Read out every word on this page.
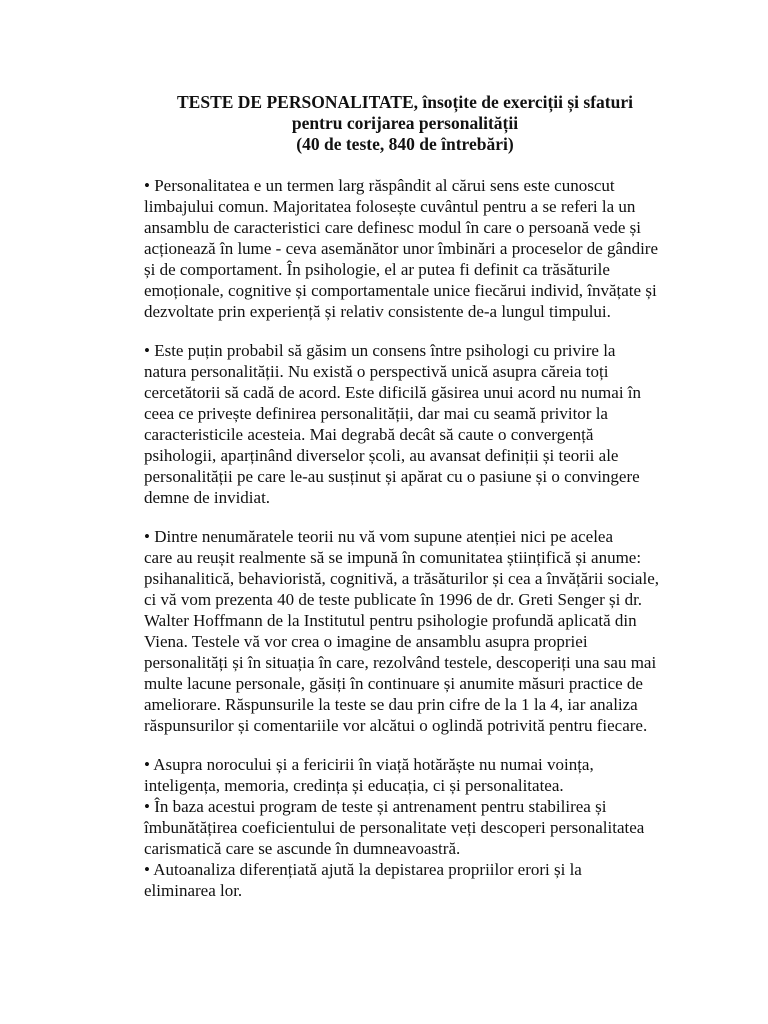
TESTE DE PERSONALITATE, însoțite de exerciții și sfaturi
pentru corijarea personalității
(40 de teste, 840 de întrebări)

• Personalitatea e un termen larg răspândit al cărui sens este cunoscut
limbajului comun. Majoritatea folosește cuvântul pentru a se referi la un
ansamblu de caracteristici care definesc modul în care o persoană vede și
acționează în lume - ceva asemănător unor îmbinări a proceselor de gândire
și de comportament. În psihologie, el ar putea fi definit ca trăsăturile
emoționale, cognitive și comportamentale unice fiecărui individ, învățate și
dezvoltate prin experiență și relativ consistente de-a lungul timpului.

• Este puțin probabil să găsim un consens între psihologi cu privire la
natura personalității. Nu există o perspectivă unică asupra căreia toți
cercetătorii să cadă de acord. Este dificilă găsirea unui acord nu numai în
ceea ce privește definirea personalității, dar mai cu seamă privitor la
caracteristicile acesteia. Mai degrabă decât să caute o convergență
psihologii, aparținând diverselor școli, au avansat definiții și teorii ale
personalității pe care le-au susținut și apărat cu o pasiune și o convingere
demne de invidiat.

• Dintre nenumăratele teorii nu vă vom supune atenției nici pe acelea
care au reușit realmente să se impună în comunitatea științifică și anume:
psihanalitică, behavioristă, cognitivă, a trăsăturilor și cea a învățării sociale,
ci vă vom prezenta 40 de teste publicate în 1996 de dr. Greti Senger și dr.
Walter Hoffmann de la Institutul pentru psihologie profundă aplicată din
Viena. Testele vă vor crea o imagine de ansamblu asupra propriei
personalități și în situația în care, rezolvând testele, descoperiți una sau mai
multe lacune personale, găsiți în continuare și anumite măsuri practice de
ameliorare. Răspunsurile la teste se dau prin cifre de la 1 la 4, iar analiza
răspunsurilor și comentariile vor alcătui o oglindă potrivită pentru fiecare.

• Asupra norocului și a fericirii în viață hotărăște nu numai voința,
inteligența, memoria, credința și educația, ci și personalitatea.

• În baza acestui program de teste și antrenament pentru stabilirea și
îmbunătățirea coeficientului de personalitate veți descoperi personalitatea
carismatică care se ascunde în dumneavoastră.

• Autoanaliza diferențiată ajută la depistarea propriilor erori și la
eliminarea lor.
